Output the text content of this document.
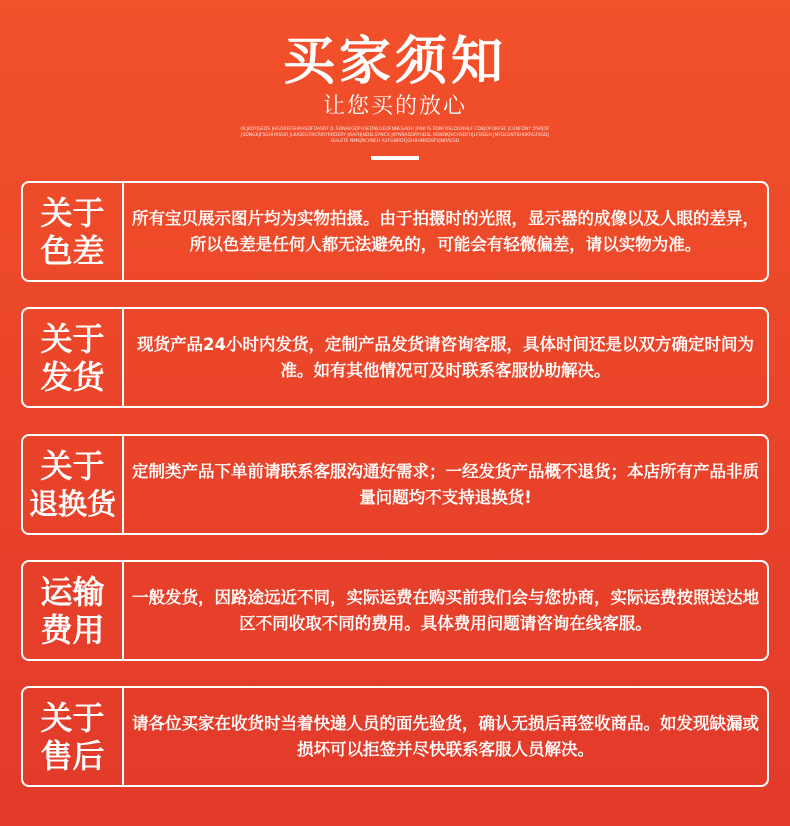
买家须知
让您买的放心
OLJKDFJSEDS JHGOREFSHRHSDFDASDF JL SDNAEGDFHSEDNLGEUFNNESADH JFNK IS EDNFOSLDILNHLF CDBJOFOKFSE JCGNFDNY DSRJOFJSDNGKJFSGHHRSOR JLKASEGFNCRIRYRRDERY JOAFHJNDSLSYNCX JKYNRASDRYHDSL KRNDKJVCHSDFUJLFDSGH JMFDLGNTSHUKRGFKSDJGHLSTE NMKJRCVNEH ASFGNRDFJGHBHNRDSFVJNRAESD
关于
色差
所有宝贝展示图片均为实物拍摄。由于拍摄时的光照，显示器的成像以及人眼的差异，所以色差是任何人都无法避免的，可能会有轻微偏差，请以实物为准。
关于
发货
现货产品24小时内发货，定制产品发货请咨询客服，具体时间还是以双方确定时间为准。如有其他情况可及时联系客服协助解决。
关于
退换货
定制类产品下单前请联系客服沟通好需求；一经发货产品概不退货；本店所有产品非质量问题均不支持退换货!
运输
费用
一般发货，因路途远近不同，实际运费在购买前我们会与您协商，实际运费按照送达地区不同收取不同的费用。具体费用问题请咨询在线客服。
关于
售后
请各位买家在收货时当着快递人员的面先验货，确认无损后再签收商品。如发现缺漏或损坏可以拒签并尽快联系客服人员解决。
